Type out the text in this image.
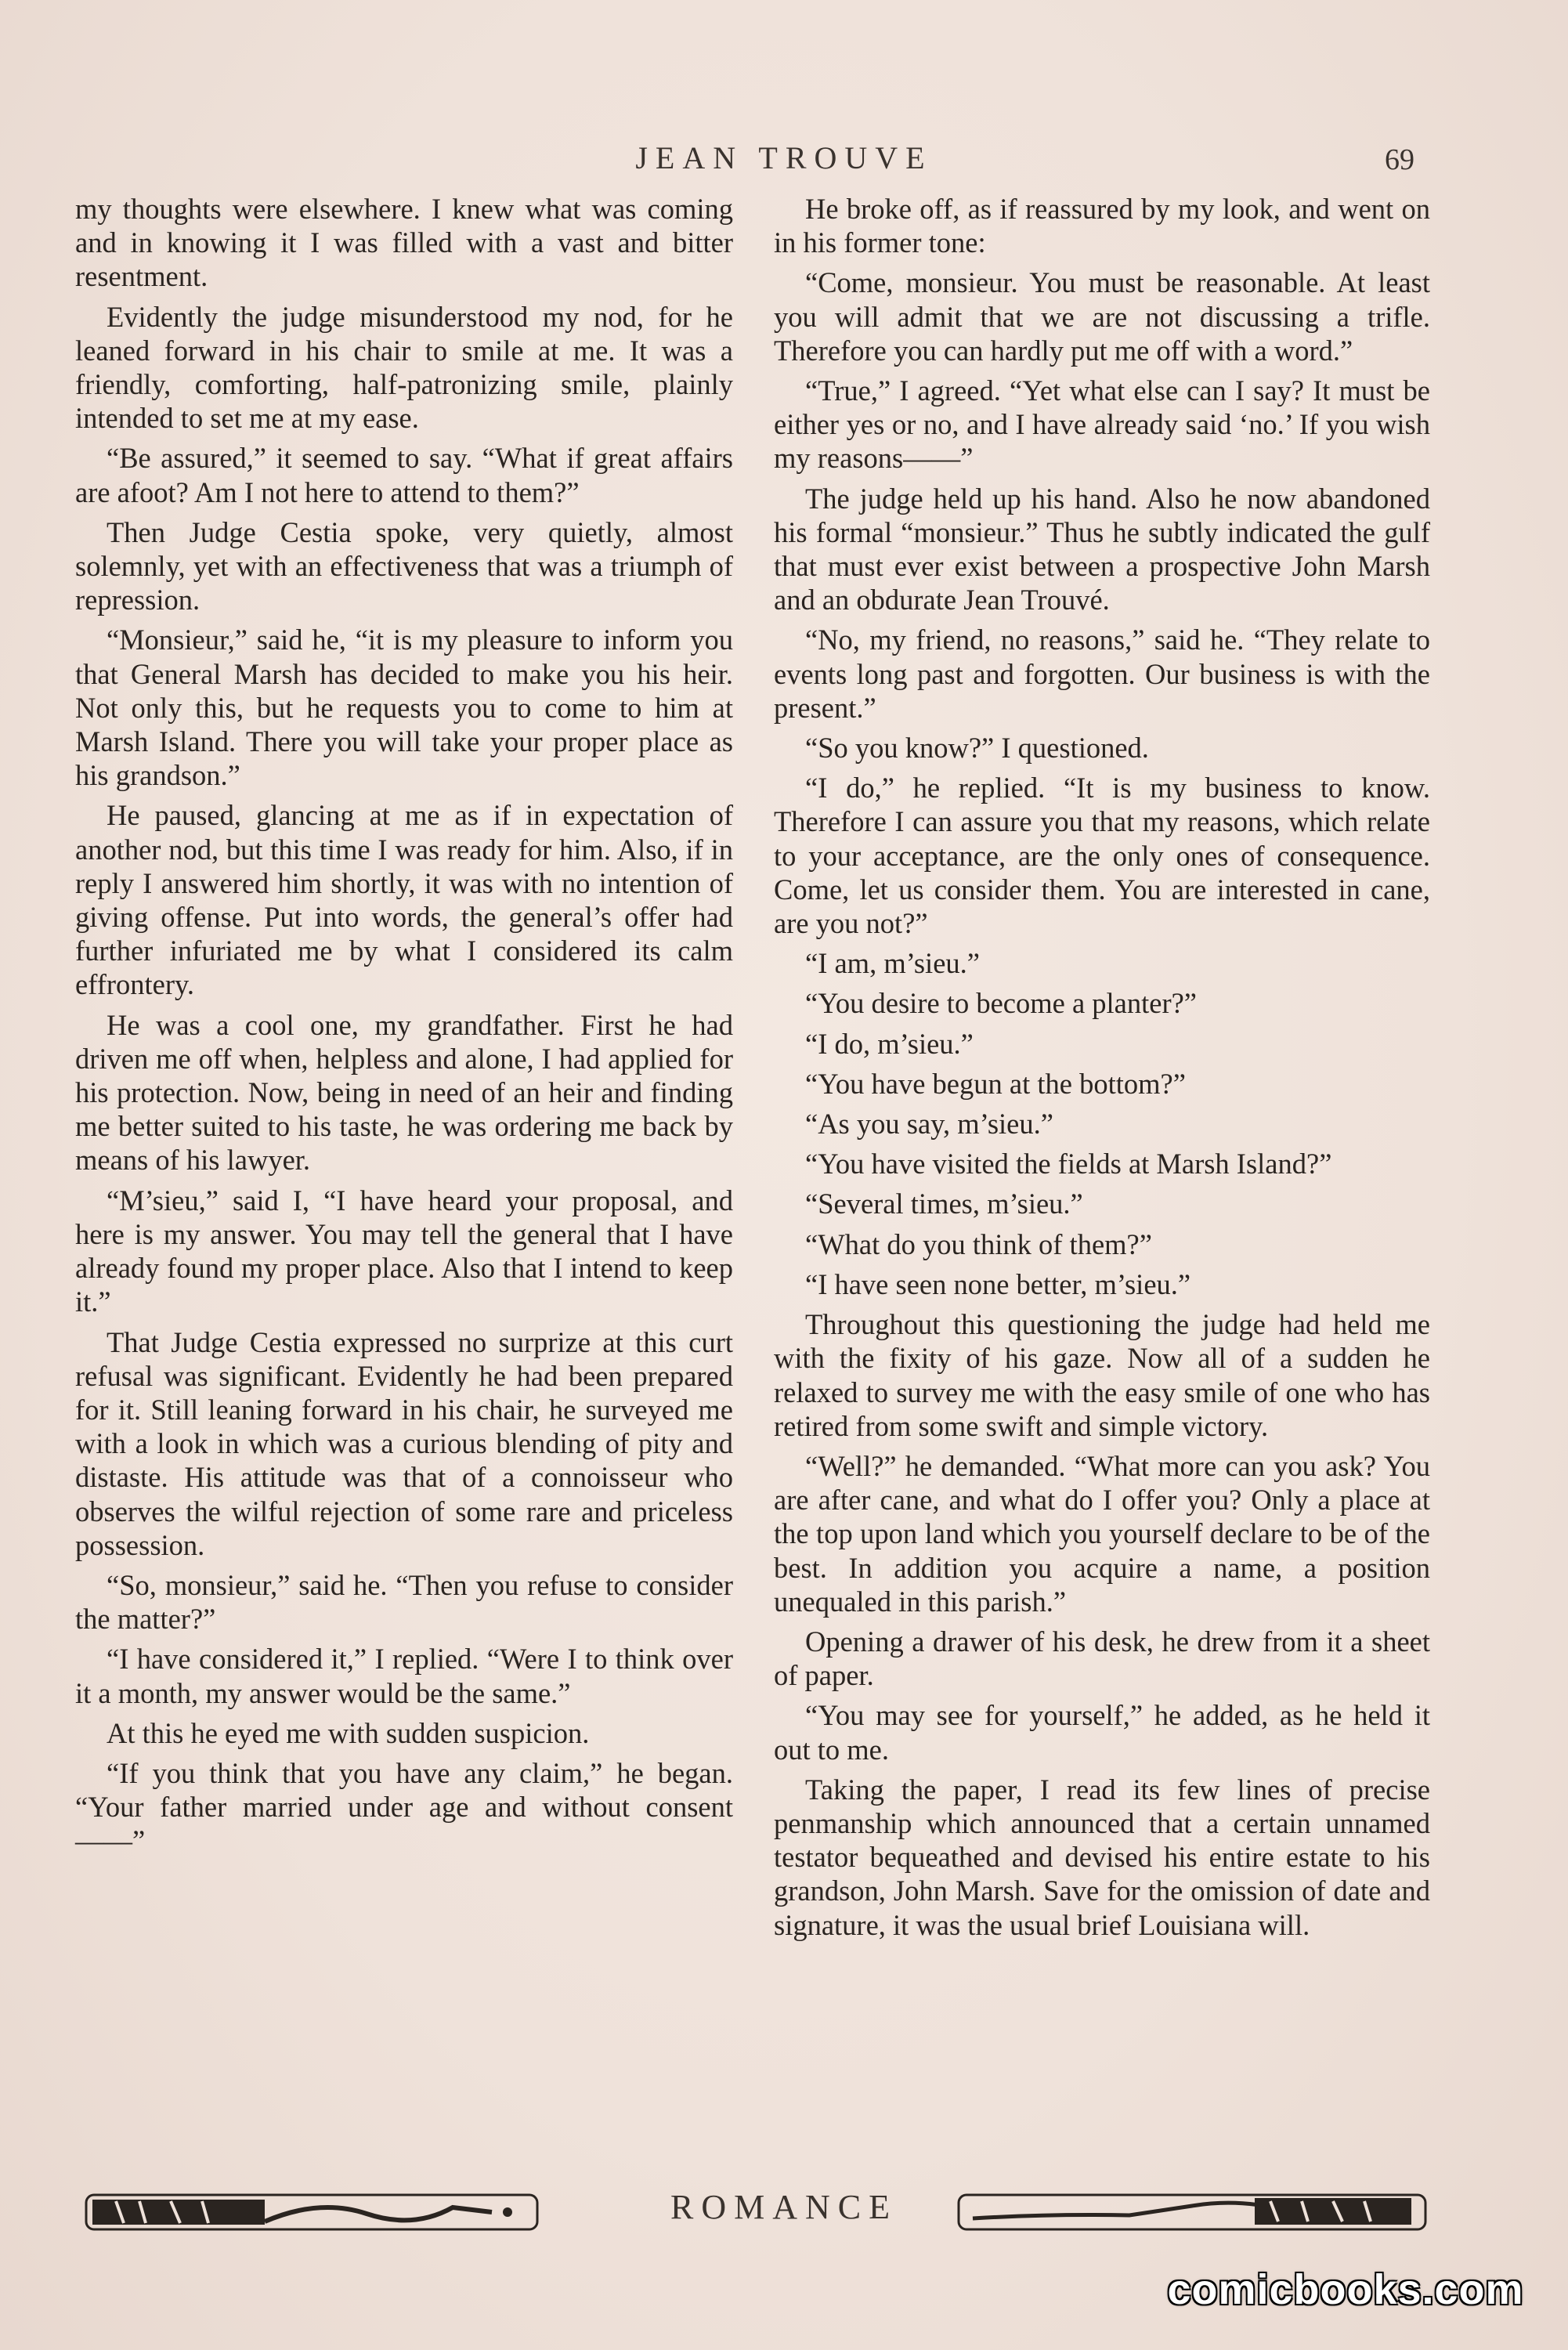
JEAN TROUVE	69

my thoughts were elsewhere. I knew what was coming and in knowing it I was filled with a vast and bitter resentment.

Evidently the judge misunderstood my nod, for he leaned forward in his chair to smile at me. It was a friendly, comforting, half-patronizing smile, plainly intended to set me at my ease.

“Be assured,” it seemed to say. “What if great affairs are afoot? Am I not here to attend to them?”

Then Judge Cestia spoke, very quietly, almost solemnly, yet with an effectiveness that was a triumph of repression.

“Monsieur,” said he, “it is my pleasure to inform you that General Marsh has decided to make you his heir. Not only this, but he requests you to come to him at Marsh Island. There you will take your proper place as his grandson.”

He paused, glancing at me as if in expectation of another nod, but this time I was ready for him. Also, if in reply I answered him shortly, it was with no intention of giving offense. Put into words, the general’s offer had further infuriated me by what I considered its calm effrontery.

He was a cool one, my grandfather. First he had driven me off when, helpless and alone, I had applied for his protection. Now, being in need of an heir and finding me better suited to his taste, he was ordering me back by means of his lawyer.

“M’sieu,” said I, “I have heard your proposal, and here is my answer. You may tell the general that I have already found my proper place. Also that I intend to keep it.”

That Judge Cestia expressed no surprize at this curt refusal was significant. Evidently he had been prepared for it. Still leaning forward in his chair, he surveyed me with a look in which was a curious blending of pity and distaste. His attitude was that of a connoisseur who observes the wilful rejection of some rare and priceless possession.

“So, monsieur,” said he. “Then you refuse to consider the matter?”

“I have considered it,” I replied. “Were I to think over it a month, my answer would be the same.”

At this he eyed me with sudden suspicion.

“If you think that you have any claim,” he began. “Your father married under age and without consent——”

He broke off, as if reassured by my look, and went on in his former tone:

“Come, monsieur. You must be reasonable. At least you will admit that we are not discussing a trifle. Therefore you can hardly put me off with a word.”

“True,” I agreed. “Yet what else can I say? It must be either yes or no, and I have already said ‘no.’ If you wish my reasons——”

The judge held up his hand. Also he now abandoned his formal “monsieur.” Thus he subtly indicated the gulf that must ever exist between a prospective John Marsh and an obdurate Jean Trouvé.

“No, my friend, no reasons,” said he. “They relate to events long past and forgotten. Our business is with the present.”

“So you know?” I questioned.

“I do,” he replied. “It is my business to know. Therefore I can assure you that my reasons, which relate to your acceptance, are the only ones of consequence. Come, let us consider them. You are interested in cane, are you not?”

“I am, m’sieu.”

“You desire to become a planter?”

“I do, m’sieu.”

“You have begun at the bottom?”

“As you say, m’sieu.”

“You have visited the fields at Marsh Island?”

“Several times, m’sieu.”

“What do you think of them?”

“I have seen none better, m’sieu.”

Throughout this questioning the judge had held me with the fixity of his gaze. Now all of a sudden he relaxed to survey me with the easy smile of one who has retired from some swift and simple victory.

“Well?” he demanded. “What more can you ask? You are after cane, and what do I offer you? Only a place at the top upon land which you yourself declare to be of the best. In addition you acquire a name, a position unequaled in this parish.”

Opening a drawer of his desk, he drew from it a sheet of paper.

“You may see for yourself,” he added, as he held it out to me.

Taking the paper, I read its few lines of precise penmanship which announced that a certain unnamed testator bequeathed and devised his entire estate to his grandson, John Marsh. Save for the omission of date and signature, it was the usual brief Louisiana will.

ROMANCE
comicbooks.com
